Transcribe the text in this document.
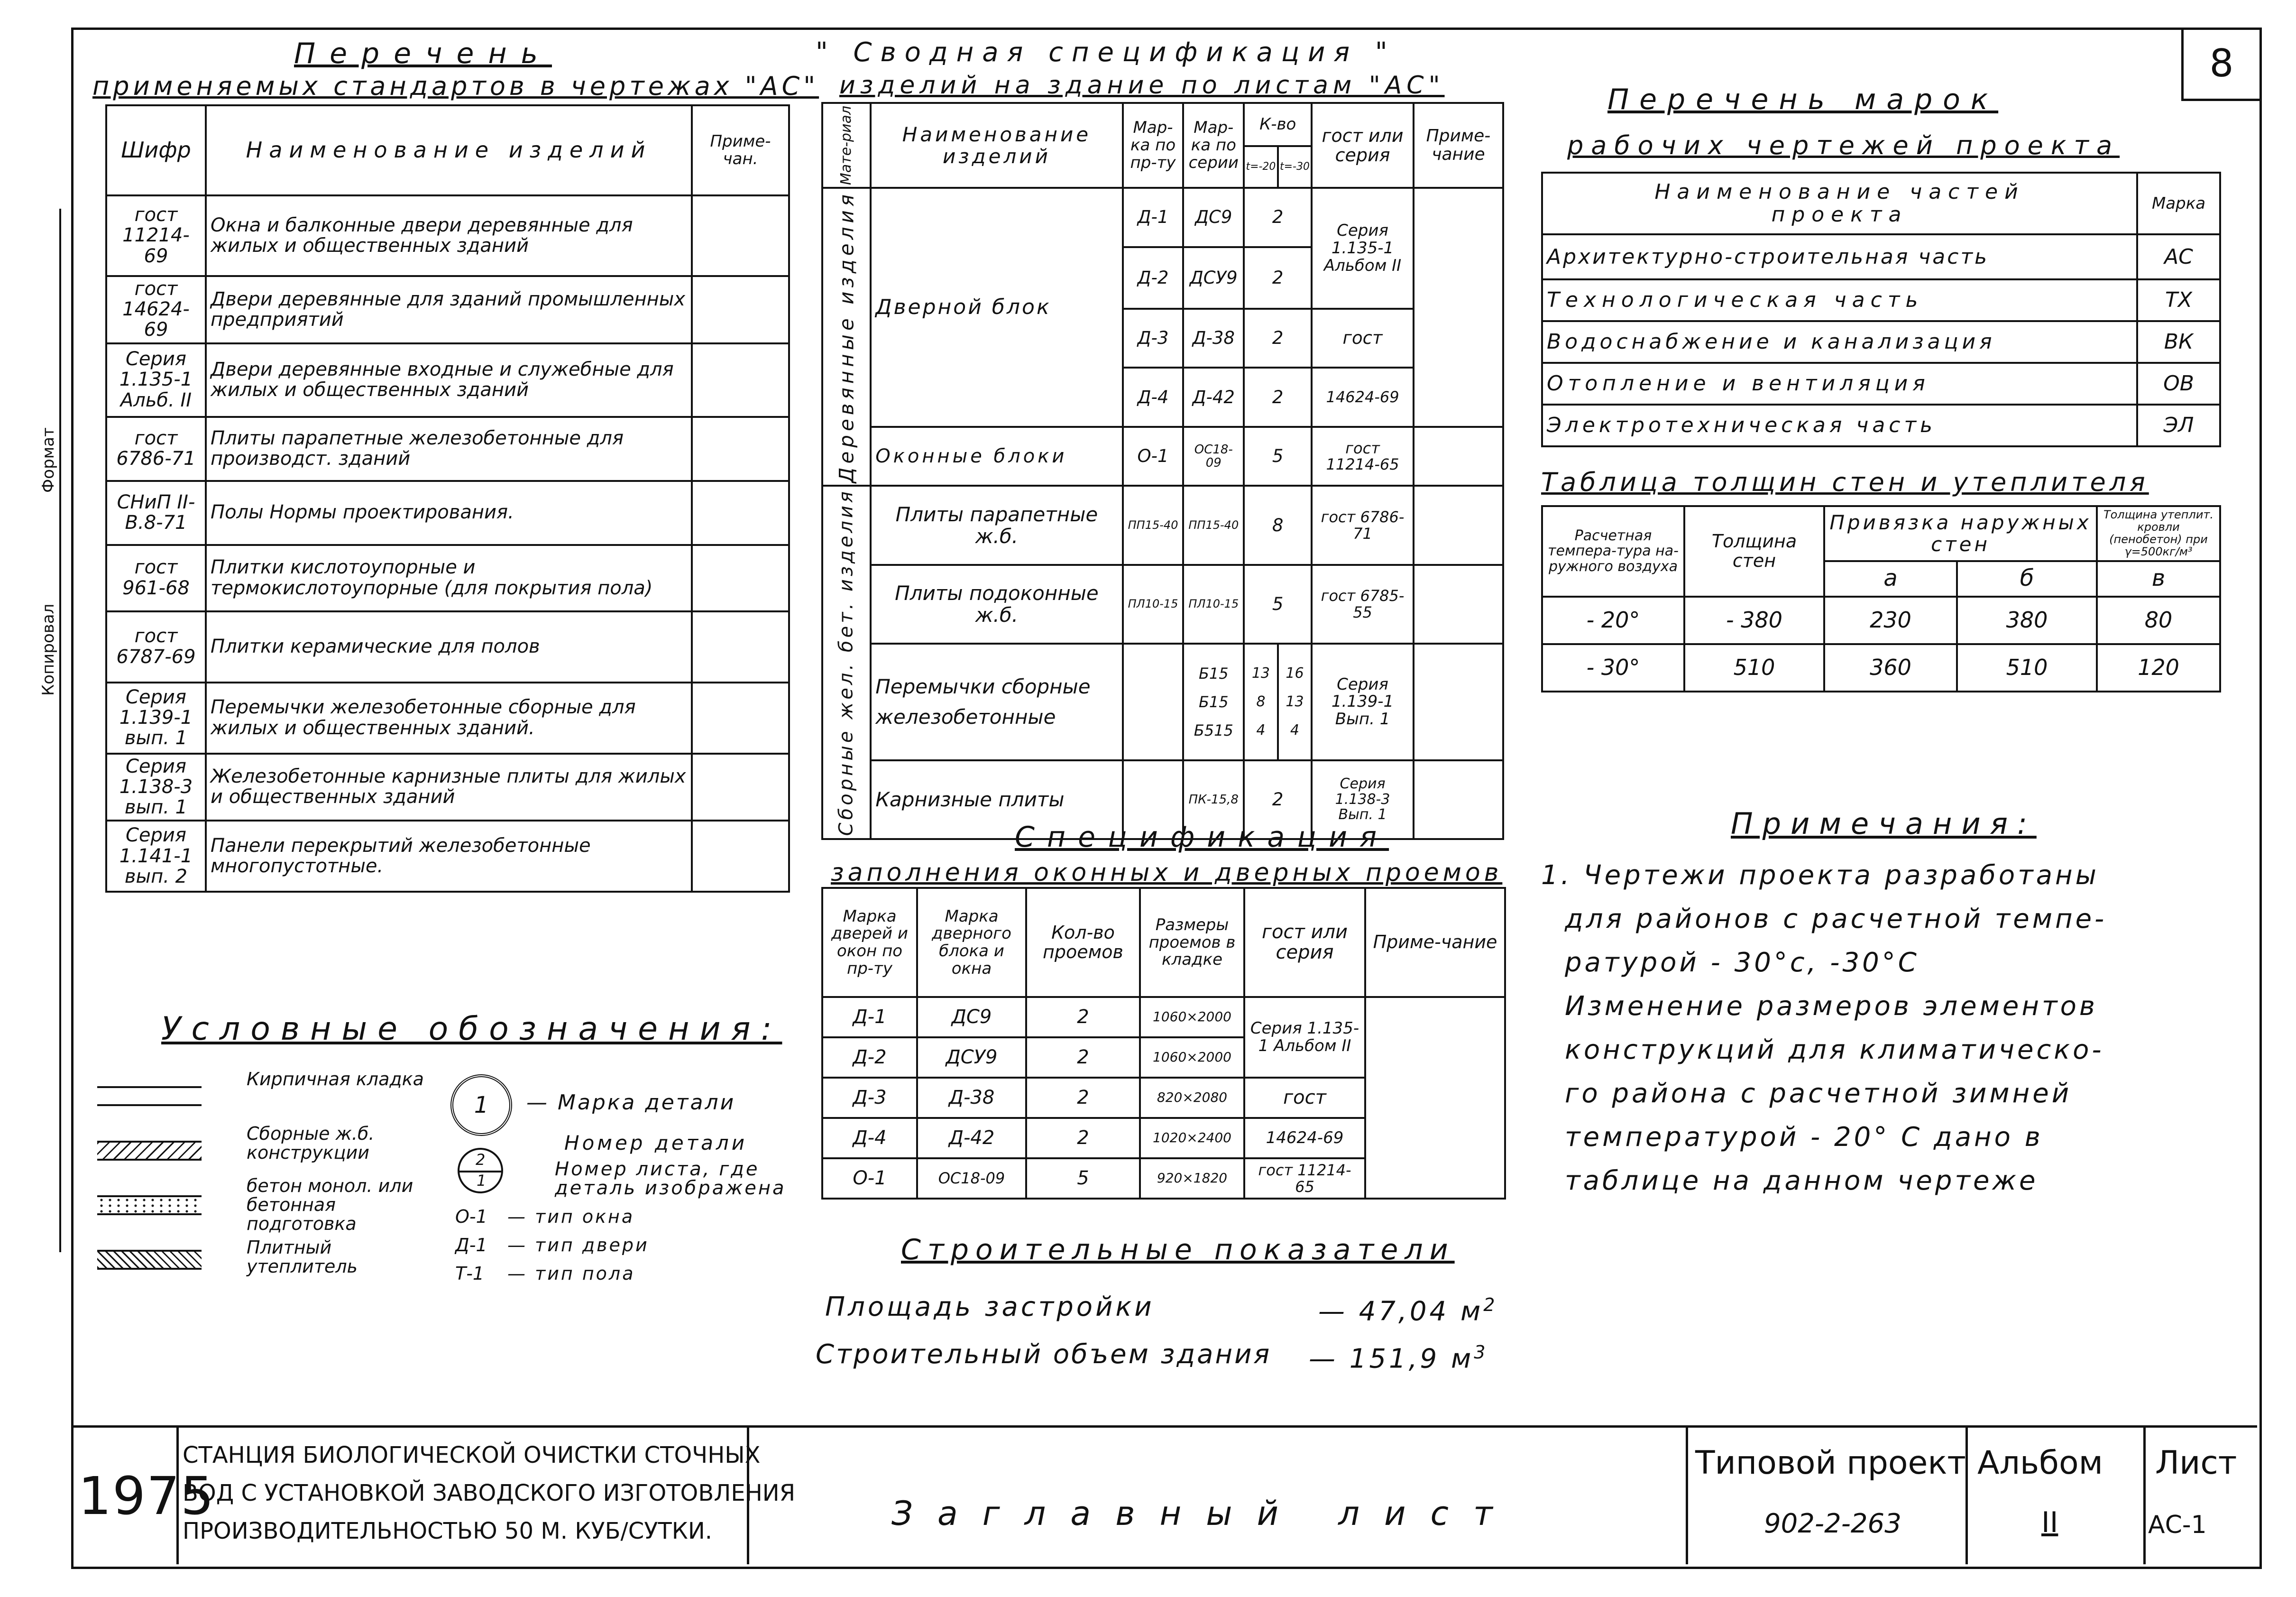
Копировал
Формат
8
Перечень
применяемых стандартов в чертежах "АС"
Шифр	Наименование изделий	Приме-чан.
гост 11214-69	Окна и балконные двери деревянные для жилых и общественных зданий	
гост 14624-69	Двери деревянные для зданий промышленных предприятий	
Серия 1.135-1 Альб. II	Двери деревянные входные и служебные для жилых и общественных зданий	
гост 6786-71	Плиты парапетные железобетонные для производст. зданий	
СНиП II-В.8-71	Полы Нормы проектирования.	
гост 961-68	Плитки кислотоупорные и термокислотоупорные (для покрытия пола)	
гост 6787-69	Плитки керамические для полов	
Серия 1.139-1 вып. 1	Перемычки железобетонные сборные для жилых и общественных зданий.	
Серия 1.138-3 вып. 1	Железобетонные карнизные плиты для жилых и общественных зданий	
Серия 1.141-1 вып. 2	Панели перекрытий железобетонные многопустотные.	
" Сводная спецификация "
изделий на здание по листам "АС"
Мате-риал	Наименование изделий	Мар-ка по пр-ту	Мар-ка по серии	К-во		гост или серия	Приме-чание
				t=-20	t=-30		
Деревянные изделия	Дверной блок	Д-1	ДС9	2		Серия 1.135-1 Альбом II	
		Д-2	ДСУ9	2			
		Д-3	Д-38	2		гост	
		Д-4	Д-42	2		14624-69	
	Оконные блоки	О-1	ОС18-09	5		гост 11214-65	
Сборные жел. бет. изделия	Плиты парапетные ж.б.	ПП15-40	ПП15-40	8		гост 6786-71	
	Плиты подоконные ж.б.	ПЛ10-15	ПЛ10-15	5		гост 6785-55	
	Перемычки сборные железобетонные		Б15 Б15 Б515	13 8 4	16 13 4	Серия 1.139-1 Вып. 1	
	Карнизные плиты		ПК-15,8	2		Серия 1.138-3 Вып. 1	
Спецификация
заполнения оконных и дверных проемов
Марка дверей и окон по пр-ту	Марка дверного блока и окна	Кол-во проемов	Размеры проемов в кладке	гост или серия	Приме-чание
Д-1	ДС9	2	1060×2000	Серия 1.135-1 Альбом II	
Д-2	ДСУ9	2	1060×2000		
Д-3	Д-38	2	820×2080	гост	
Д-4	Д-42	2	1020×2400	14624-69	
О-1	ОС18-09	5	920×1820	гост 11214-65	
Строительные показатели
Площадь застройки	— 47,04 $м^2$
Строительный объем здания — 151,9 $м^3$
Условные обозначения:
Кирпичная кладка
Сборные ж.б. конструкции
бетон монол. или бетонная подготовка
Плитный утеплитель
1 — Марка детали
2
1
Номер детали
Номер листа, где
деталь изображена
О-1 — тип окна
Д-1 — тип двери
Т-1 — тип пола
Перечень марок
рабочих чертежей проекта
Наименование частей проекта	Марка
Архитектурно-строительная часть	АС
Технологическая часть	ТХ
Водоснабжение и канализация	ВК
Отопление и вентиляция	ОВ
Электротехническая часть	ЭЛ
Таблица толщин стен и утеплителя
Расчетная темпера-тура на-ружного воздуха	Толщина стен	Привязка наружных стен		Толщина утеплит. кровли (пенобетон) при γ=500кг/м³
		а	б	в
- 20°	- 380	230	380	80
- 30°	510	360	510	120
Примечания:
1. Чертежи проекта разработаны
для районов с расчетной темпе-
ратурой - 30°с, -30°С
Изменение размеров элементов
конструкций для климатическо-
го района с расчетной зимней
температурой - 20° С дано в
таблице на данном чертеже
1975
СТАНЦИЯ БИОЛОГИЧЕСКОЙ ОЧИСТКИ СТОЧНЫХ
ВОД С УСТАНОВКОЙ ЗАВОДСКОГО ИЗГОТОВЛЕНИЯ
ПРОИЗВОДИТЕЛЬНОСТЬЮ 50 М. КУБ/СУТКИ.	Заглавный лист
Типовой проект
902-2-263
Альбом
II
Лист
АС-1
